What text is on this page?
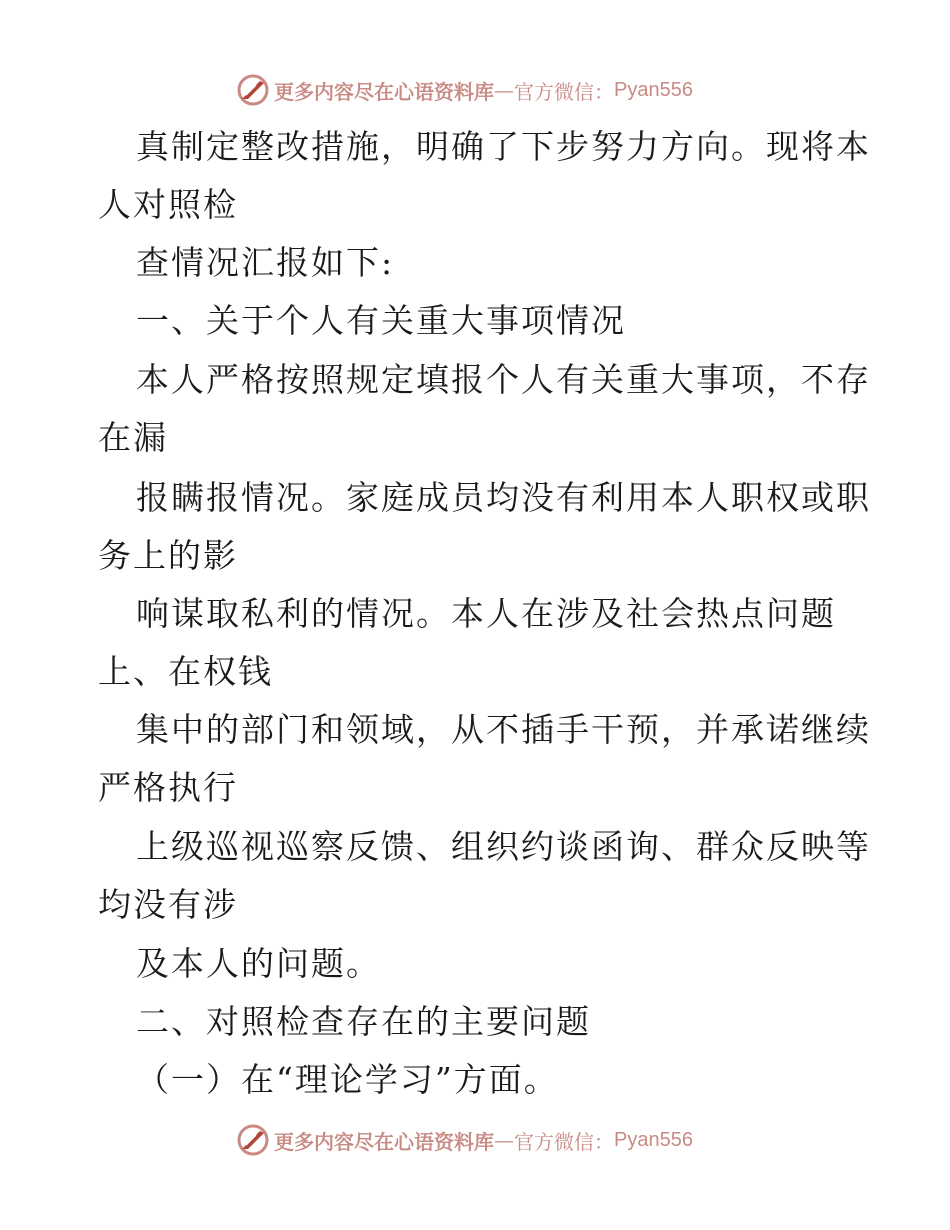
更多内容尽在心语资料库 — 官方微信： Pyan556
真制定整改措施，明确了下步努力方向。现将本
人对照检
查情况汇报如下:
一、关于个人有关重大事项情况
本人严格按照规定填报个人有关重大事项，不存
在漏
报瞒报情况。家庭成员均没有利用本人职权或职
务上的影
响谋取私利的情况。本人在涉及社会热点问题
上、在权钱
集中的部门和领域，从不插手干预，并承诺继续
严格执行
上级巡视巡察反馈、组织约谈函询、群众反映等
均没有涉
及本人的问题。
二、对照检查存在的主要问题
（一）在“理论学习”方面。
更多内容尽在心语资料库 — 官方微信： Pyan556
